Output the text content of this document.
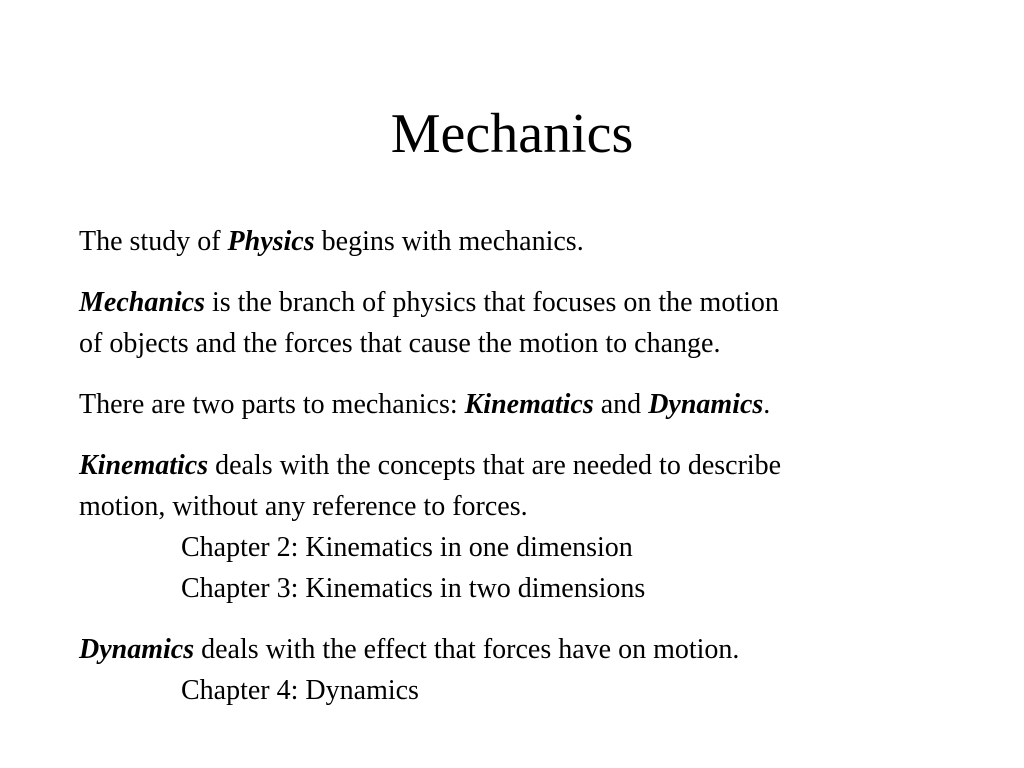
Mechanics

The study of Physics begins with mechanics.

Mechanics is the branch of physics that focuses on the motion
of objects and the forces that cause the motion to change.

There are two parts to mechanics: Kinematics and Dynamics.

Kinematics deals with the concepts that are needed to describe
motion, without any reference to forces.
Chapter 2: Kinematics in one dimension
Chapter 3: Kinematics in two dimensions

Dynamics deals with the effect that forces have on motion.
Chapter 4: Dynamics
